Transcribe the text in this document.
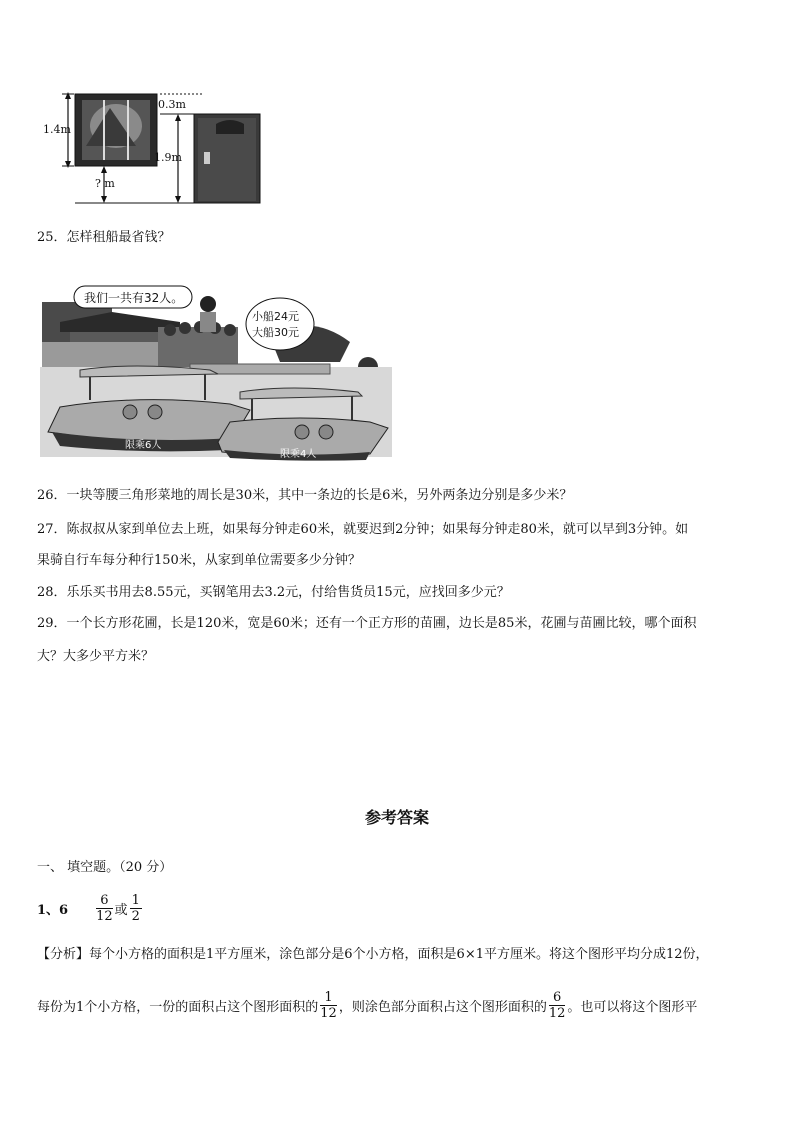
1.4m
? m
0.3m
1.9m
25．怎样租船最省钱？
我们一共有32人。
小船24元
大船30元
限乘6人
限乘4人
26．一块等腰三角形菜地的周长是30米，其中一条边的长是6米，另外两条边分别是多少米？
27．陈叔叔从家到单位去上班，如果每分钟走60米，就要迟到2分钟；如果每分钟走80米，就可以早到3分钟。如
果骑自行车每分种行150米，从家到单位需要多少分钟？
28．乐乐买书用去8.55元，买钢笔用去3.2元，付给售货员15元，应找回多少元？
29．一个长方形花圃，长是120米，宽是60米；还有一个正方形的苗圃，边长是85米，花圃与苗圃比较，哪个面积
大？大多少平方米？
参考答案
一、 填空题。（20 分）
1、$6 \frac{6}{12}$ 或 $\frac{1}{2}$
【分析】每个小方格的面积是1平方厘米，涂色部分是6个小方格，面积是6×1平方厘米。将这个图形平均分成12份，
每份为1个小方格，一份的面积占这个图形面积的 $\frac{1}{12}$ ，则涂色部分面积占这个图形面积的 $\frac{6}{12}$ 。也可以将这个图形平
